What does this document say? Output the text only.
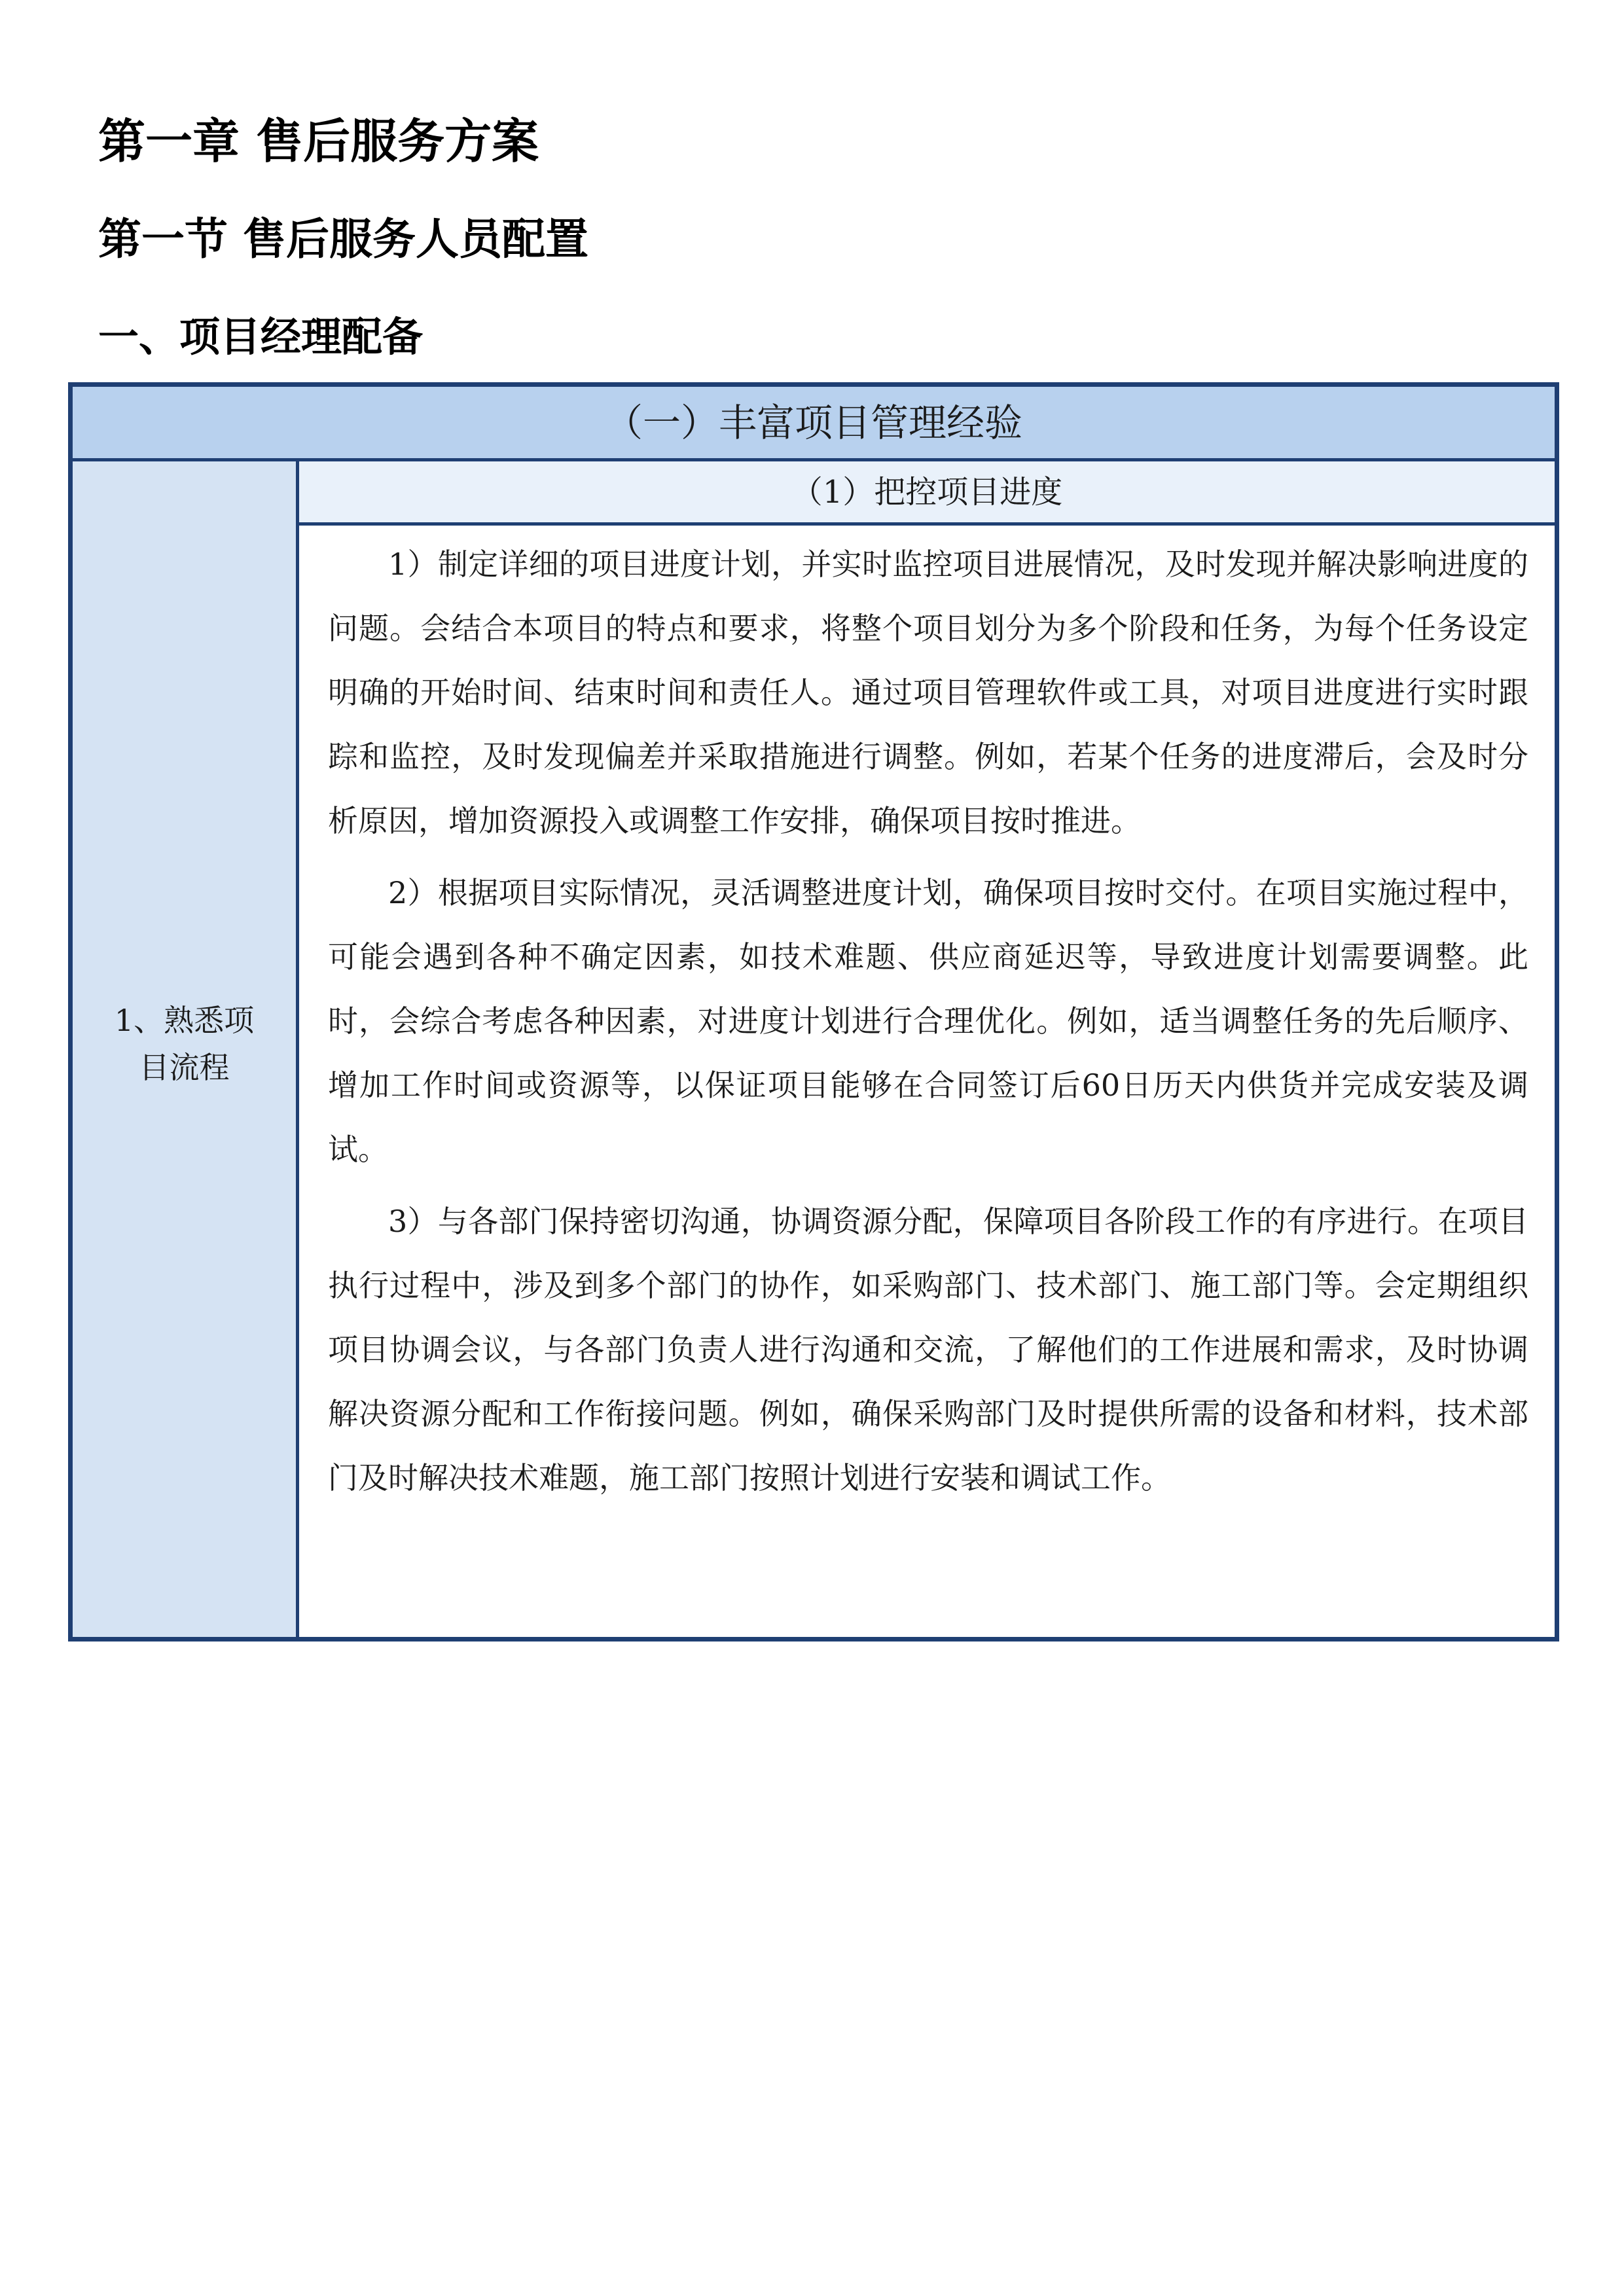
第一章 售后服务方案
第一节 售后服务人员配置
一、项目经理配备
（一）丰富项目管理经验
1、熟悉项
目流程
（1）把控项目进度

1）制定详细的项目进度计划，并实时监控项目进展情况，及时发现并解决影响进度的问题。会结合本项目的特点和要求，将整个项目划分为多个阶段和任务，为每个任务设定明确的开始时间、结束时间和责任人。通过项目管理软件或工具，对项目进度进行实时跟踪和监控，及时发现偏差并采取措施进行调整。例如，若某个任务的进度滞后，会及时分析原因，增加资源投入或调整工作安排，确保项目按时推进。

2）根据项目实际情况，灵活调整进度计划，确保项目按时交付。在项目实施过程中，可能会遇到各种不确定因素，如技术难题、供应商延迟等，导致进度计划需要调整。此时，会综合考虑各种因素，对进度计划进行合理优化。例如，适当调整任务的先后顺序、增加工作时间或资源等，以保证项目能够在合同签订后60日历天内供货并完成安装及调试。

3）与各部门保持密切沟通，协调资源分配，保障项目各阶段工作的有序进行。在项目执行过程中，涉及到多个部门的协作，如采购部门、技术部门、施工部门等。会定期组织项目协调会议，与各部门负责人进行沟通和交流，了解他们的工作进展和需求，及时协调解决资源分配和工作衔接问题。例如，确保采购部门及时提供所需的设备和材料，技术部门及时解决技术难题，施工部门按照计划进行安装和调试工作。
